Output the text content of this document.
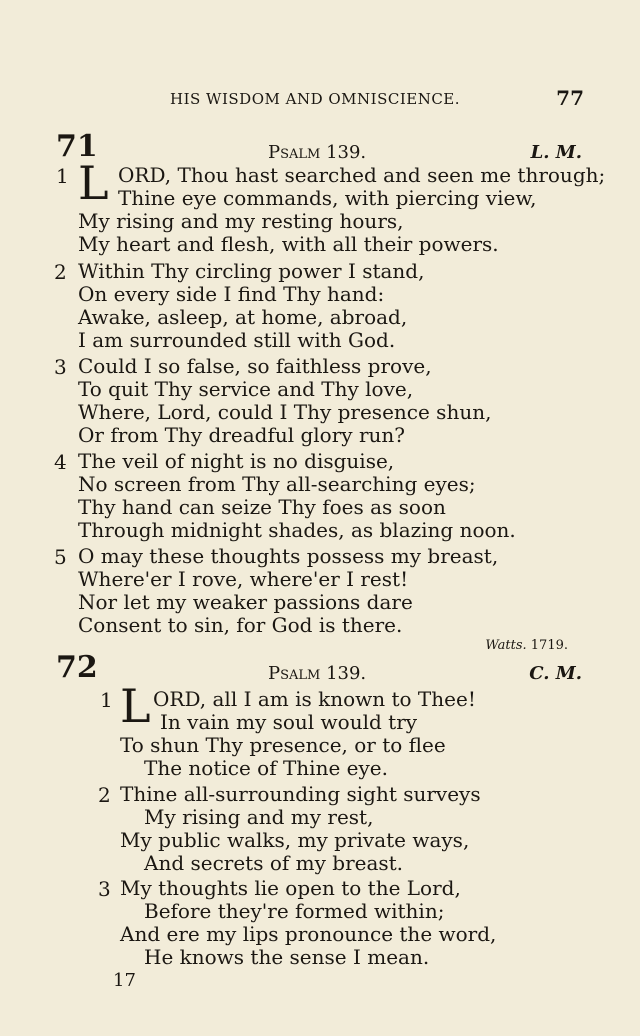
HIS WISDOM AND OMNISCIENCE.	77
71	Psalm 139.	L. M.
1 L ORD, Thou hast searched and seen me through;
Thine eye commands, with piercing view,
My rising and my resting hours,
My heart and flesh, with all their powers.
2 Within Thy circling power I stand,
On every side I find Thy hand:
Awake, asleep, at home, abroad,
I am surrounded still with God.
3 Could I so false, so faithless prove,
To quit Thy service and Thy love,
Where, Lord, could I Thy presence shun,
Or from Thy dreadful glory run?
4 The veil of night is no disguise,
No screen from Thy all-searching eyes;
Thy hand can seize Thy foes as soon
Through midnight shades, as blazing noon.
5 O may these thoughts possess my breast,
Where'er I rove, where'er I rest!
Nor let my weaker passions dare
Consent to sin, for God is there.
Watts. 1719.
72	Psalm 139.	C. M.
1 L ORD, all I am is known to Thee!
In vain my soul would try
To shun Thy presence, or to flee
The notice of Thine eye.
2 Thine all-surrounding sight surveys
My rising and my rest,
My public walks, my private ways,
And secrets of my breast.
3 My thoughts lie open to the Lord,
Before they're formed within;
And ere my lips pronounce the word,
He knows the sense I mean.
17
